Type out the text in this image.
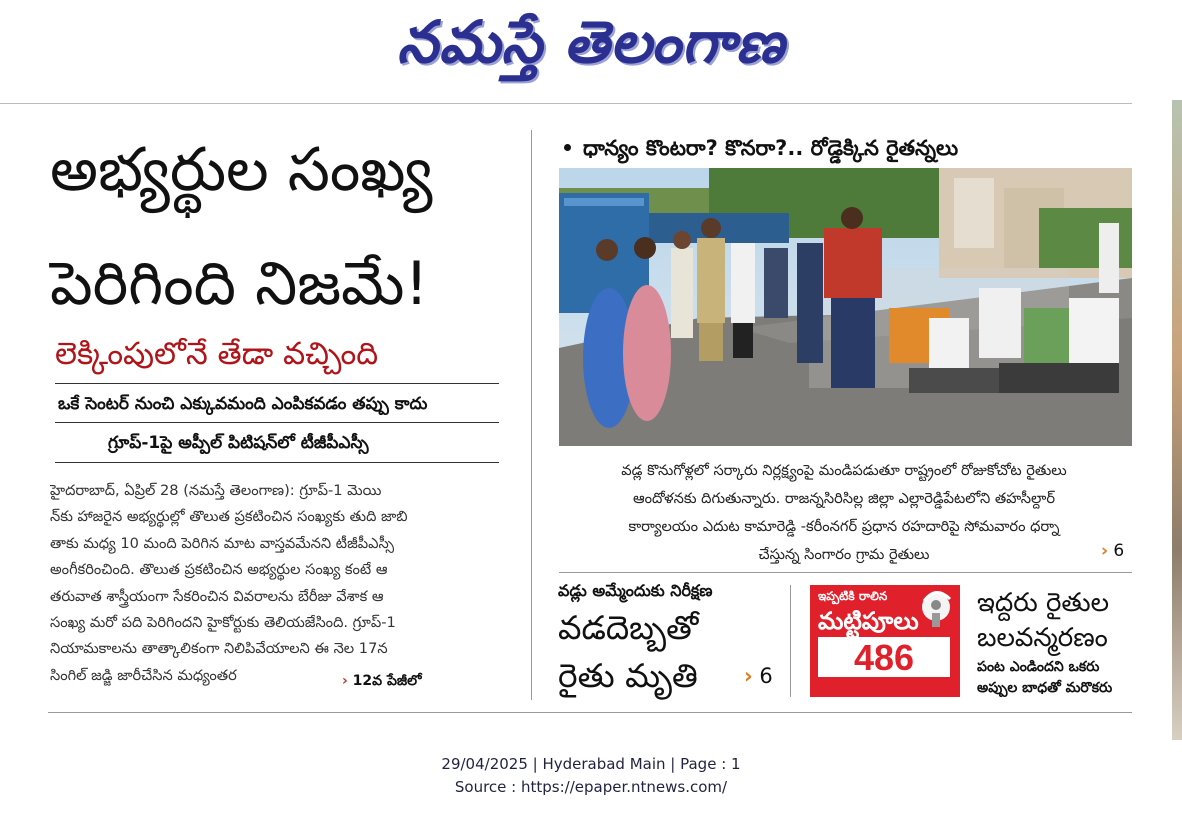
నమస్తే తెలంగాణ
అభ్యర్థుల సంఖ్య
పెరిగింది నిజమే!
లెక్కింపులోనే తేడా వచ్చింది
ఒకే సెంటర్ నుంచి ఎక్కువమంది ఎంపికవడం తప్పు కాదు
గ్రూప్-1పై అప్పీల్ పిటిషన్‌లో టీజీపీఎస్సీ
హైదరాబాద్, ఏప్రిల్ 28 (నమస్తే తెలంగాణ): గ్రూప్-1 మెయి
న్‌కు హాజరైన అభ్యర్థుల్లో తొలుత ప్రకటించిన సంఖ్యకు తుది జాబి
తాకు మధ్య 10 మంది పెరిగిన మాట వాస్తవమేనని టీజీపీఎస్సీ
అంగీకరించింది. తొలుత ప్రకటించిన అభ్యర్థుల సంఖ్య కంటే ఆ
తరువాత శాస్త్రీయంగా సేకరించిన వివరాలను బేరీజు వేశాక ఆ
సంఖ్య మరో పది పెరిగిందని హైకోర్టుకు తెలియజేసింది. గ్రూప్-1
నియామకాలను తాత్కాలికంగా నిలిపివేయాలని ఈ నెల 17న
సింగిల్ జడ్జి జారీచేసిన మధ్యంతర	› 12వ పేజీలో
ధాన్యం కొంటరా? కొనరా?.. రోడ్డెక్కిన రైతన్నలు
వడ్ల కొనుగోళ్లలో సర్కారు నిర్లక్ష్యంపై మండిపడుతూ రాష్ట్రంలో రోజుకోచోట రైతులు
ఆందోళనకు దిగుతున్నారు. రాజన్నసిరిసిల్ల జిల్లా ఎల్లారెడ్డిపేటలోని తహసీల్దార్
కార్యాలయం ఎదుట కామారెడ్డి -కరీంనగర్ ప్రధాన రహదారిపై సోమవారం ధర్నా
చేస్తున్న సింగారం గ్రామ రైతులు	› 6
వడ్లు అమ్మేందుకు నిరీక్షణ
వడదెబ్బతో
రైతు మృతి › 6
ఇప్పటికి రాలిన
మట్టిపూలు
486
ఇద్దరు రైతుల
బలవన్మరణం
పంట ఎండిందని ఒకరు
అప్పుల బాధతో మరొకరు
29/04/2025 | Hyderabad Main | Page : 1
Source : https://epaper.ntnews.com/
